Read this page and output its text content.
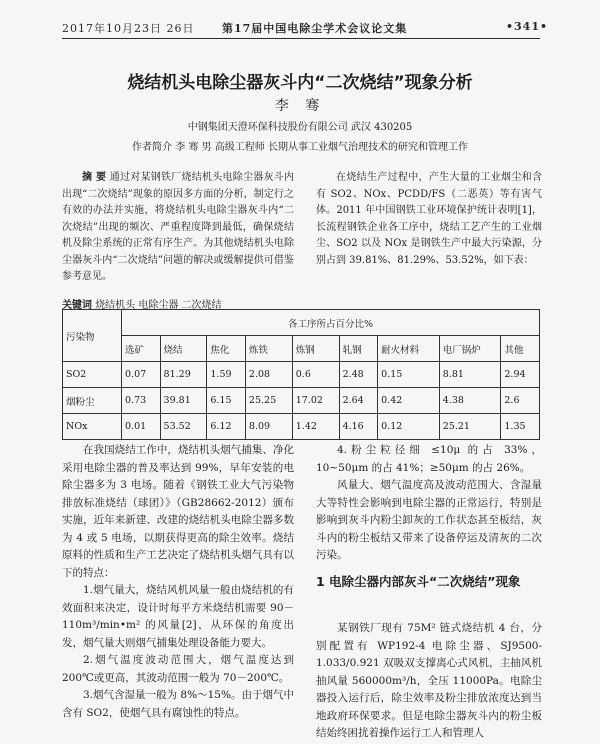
2017年10月23日 26日	第17届中国电除尘学术会议论文集	•341•
烧结机头电除尘器灰斗内“二次烧结”现象分析
李 骞
中钢集团天澄环保科技股份有限公司 武汉 430205
作者简介 李 骞 男 高级工程师 长期从事工业烟气治理技术的研究和管理工作

摘 要 通过对某钢铁厂烧结机头电除尘器灰斗内出现“二次烧结”现象的原因多方面的分析，制定行之有效的办法并实施，将烧结机头电除尘器灰斗内“二次烧结”出现的频次、严重程度降到最低，确保烧结机及除尘系统的正常有序生产。为其他烧结机头电除尘器灰斗内“二次烧结”问题的解决或缓解提供可借鉴参考意见。

在烧结生产过程中，产生大量的工业烟尘和含有 SO2、NOx、PCDD/FS（二恶英）等有害气体。2011 年中国钢铁工业环境保护统计表明[1]，长流程钢铁企业各工序中，烧结工艺产生的工业烟尘、SO2 以及 NOx 是钢铁生产中最大污染源，分别占到 39.81%、81.29%、53.52%，如下表：

关键词 烧结机头 电除尘器 二次烧结
污染物	各工序所占百分比%								
	选矿	烧结	焦化	炼铁	炼钢	轧钢	耐火材料	电厂锅炉	其他
SO2	0.07	81.29	1.59	2.08	0.6	2.48	0.15	8.81	2.94
烟粉尘	0.73	39.81	6.15	25.25	17.02	2.64	0.42	4.38	2.6
NOx	0.01	53.52	6.12	8.09	1.42	4.16	0.12	25.21	1.35

在我国烧结工作中，烧结机头烟气捕集、净化采用电除尘器的普及率达到 99%，早年安装的电除尘器多为 3 电场。随着《钢铁工业大气污染物排放标准烧结（球团）》（GB28662-2012）颁布实施，近年来新建、改建的烧结机头电除尘器多数为 4 或 5 电场，以期获得更高的除尘效率。烧结原料的性质和生产工艺决定了烧结机头烟气具有以下的特点：

1.烟气量大，烧结风机风量一般由烧结机的有效面积来决定，设计时每平方米烧结机需要 90－110m³/min•m² 的风量[2]，从环保的角度出发，烟气量大则烟气捕集处理设备能力要大。

2.烟气温度波动范围大，烟气温度达到 200℃或更高，其波动范围一般为 70－200℃。

3.烟气含湿量一般为 8%～15%。由于烟气中含有 SO2，使烟气具有腐蚀性的特点。

4.粉尘粒径细 ≤10μ 的占 33%，10~50μm 的占 41%；≥50μm 的占 26%。

风量大、烟气温度高及波动范围大、含湿量大等特性会影响到电除尘器的正常运行，特别是影响到灰斗内粉尘卸灰的工作状态甚至板结，灰斗内的粉尘板结又带来了设备停运及清灰的二次污染。

1 电除尘器内部灰斗“二次烧结”现象

某钢铁厂现有 75M² 链式烧结机 4 台，分别配置有 WP192-4 电除尘器、SJ9500-1.033/0.921 双吸双支撑离心式风机，主抽风机抽风量 560000m³/h，全压 11000Pa。电除尘器投入运行后，除尘效率及粉尘排放浓度达到当地政府环保要求。但是电除尘器灰斗内的粉尘板结始终困扰着操作运行工人和管理人
